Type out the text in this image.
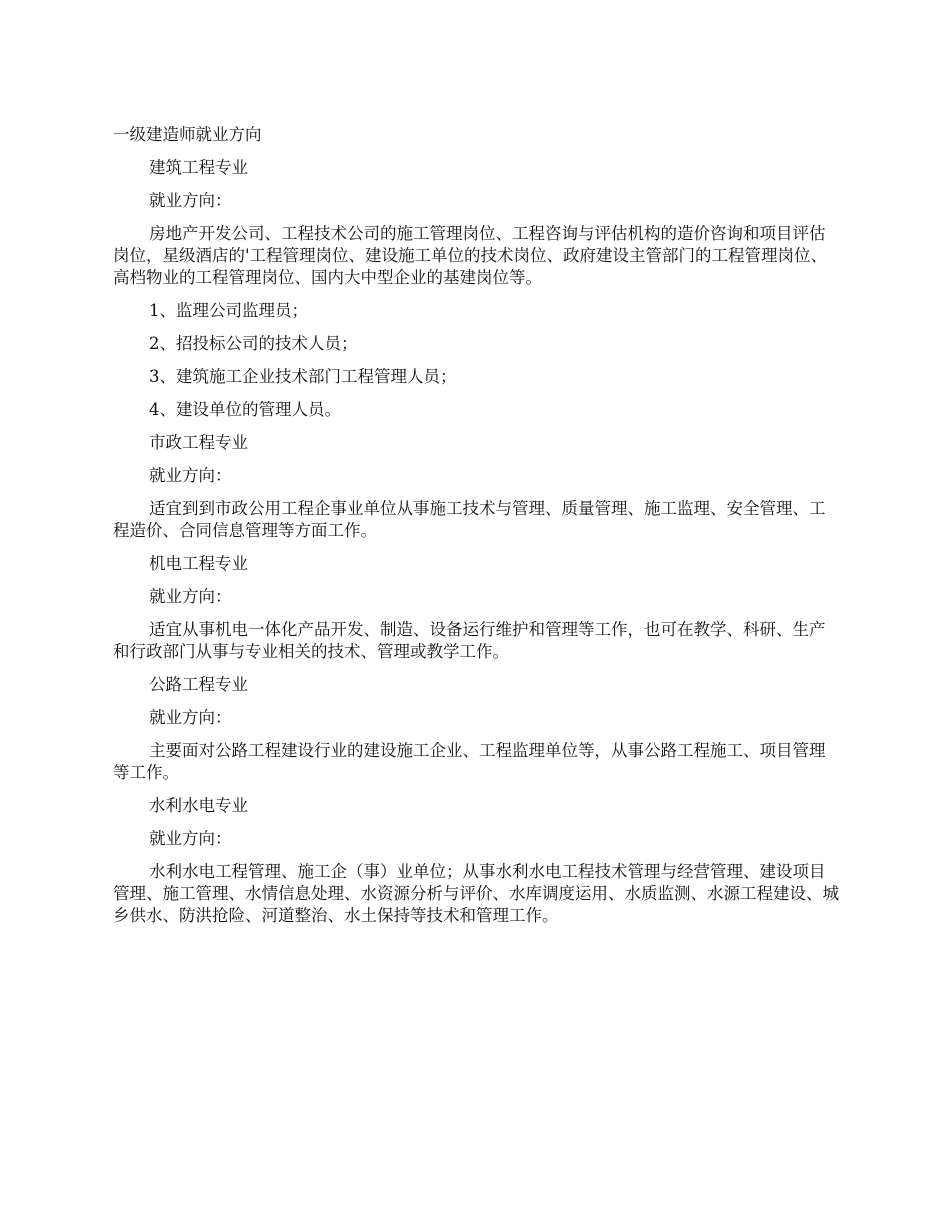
一级建造师就业方向

建筑工程专业

就业方向：

房地产开发公司、工程技术公司的施工管理岗位、工程咨询与评估机构的造价咨询和项目评估岗位，星级酒店的'工程管理岗位、建设施工单位的技术岗位、政府建设主管部门的工程管理岗位、高档物业的工程管理岗位、国内大中型企业的基建岗位等。

1、监理公司监理员；

2、招投标公司的技术人员；

3、建筑施工企业技术部门工程管理人员；

4、建设单位的管理人员。

市政工程专业

就业方向：

适宜到到市政公用工程企事业单位从事施工技术与管理、质量管理、施工监理、安全管理、工程造价、合同信息管理等方面工作。

机电工程专业

就业方向：

适宜从事机电一体化产品开发、制造、设备运行维护和管理等工作，也可在教学、科研、生产和行政部门从事与专业相关的技术、管理或教学工作。

公路工程专业

就业方向：

主要面对公路工程建设行业的建设施工企业、工程监理单位等，从事公路工程施工、项目管理等工作。

水利水电专业

就业方向：

水利水电工程管理、施工企（事）业单位；从事水利水电工程技术管理与经营管理、建设项目管理、施工管理、水情信息处理、水资源分析与评价、水库调度运用、水质监测、水源工程建设、城乡供水、防洪抢险、河道整治、水土保持等技术和管理工作。
